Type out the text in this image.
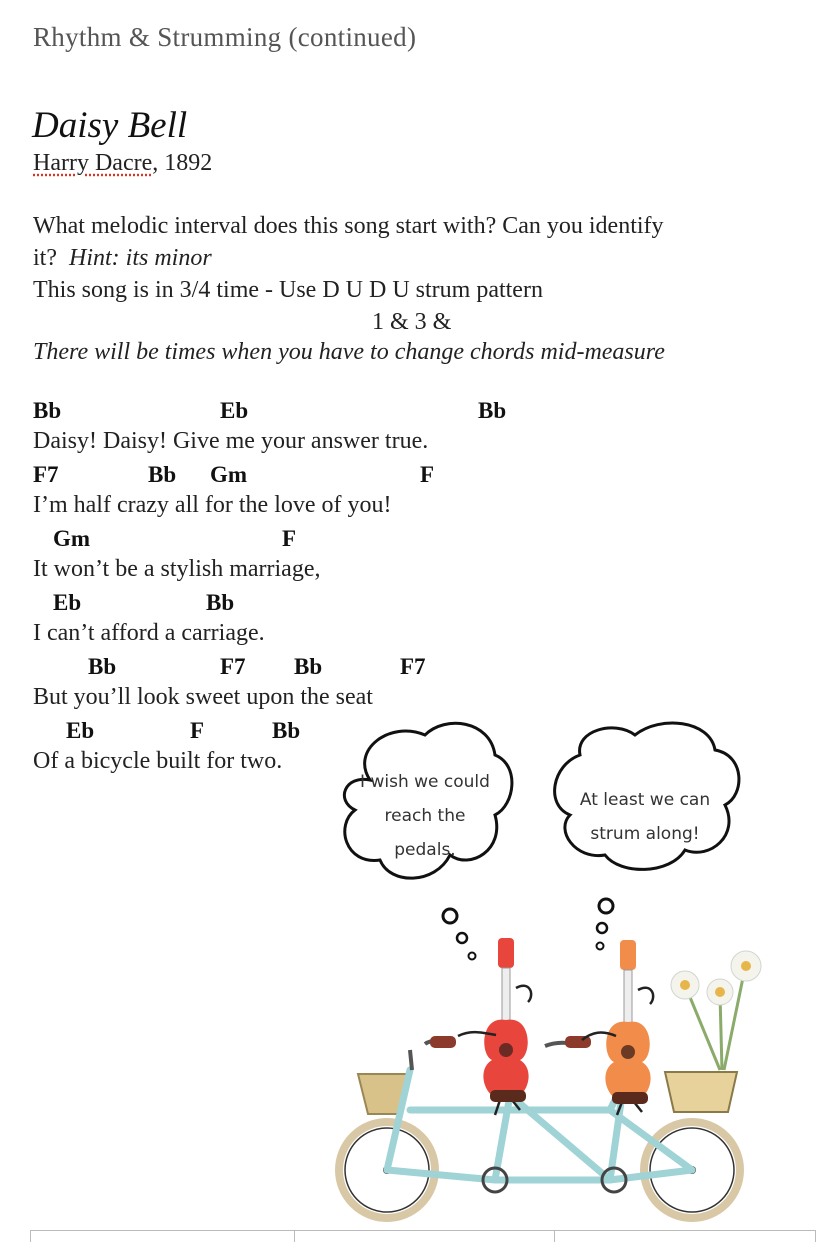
Rhythm & Strumming (continued)
Daisy Bell
Harry Dacre, 1892
What melodic interval does this song start with? Can you identify
it? Hint: its minor
This song is in 3/4 time - Use D U D U strum pattern
1 & 3 &
There will be times when you have to change chords mid-measure
Bb	Eb	Bb
Daisy! Daisy! Give me your answer true.
F7	Bb Gm	F
I’m half crazy all for the love of you!
Gm	F
It won’t be a stylish marriage,
Eb	Bb
I can’t afford a carriage.
Bb	F7 Bb	F7
But you’ll look sweet upon the seat
Eb	F	Bb
Of a bicycle built for two.
I wish we could
reach the
pedals.
At least we can
strum along!
